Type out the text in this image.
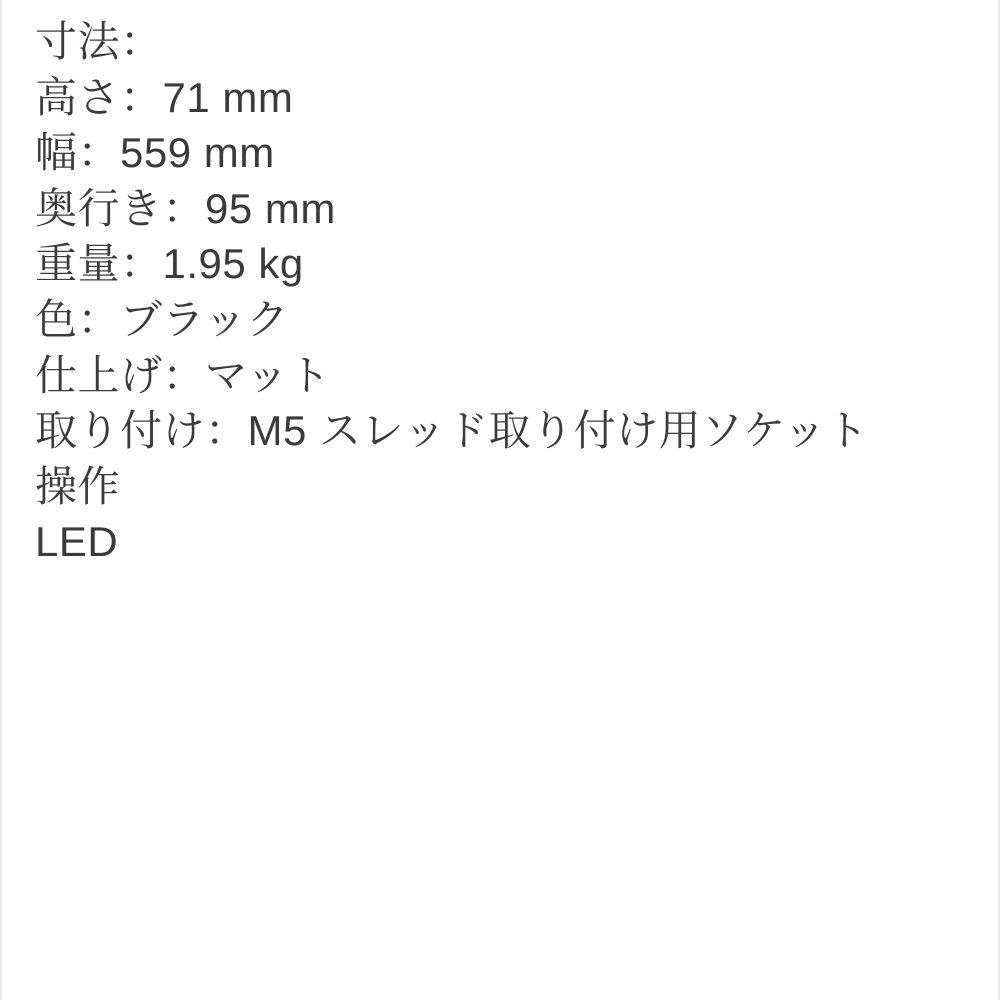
寸法：
高さ：71 mm
幅：559 mm
奥行き：95 mm
重量：1.95 kg
色：ブラック
仕上げ：マット
取り付け：M5 スレッド取り付け用ソケット
操作
LED
